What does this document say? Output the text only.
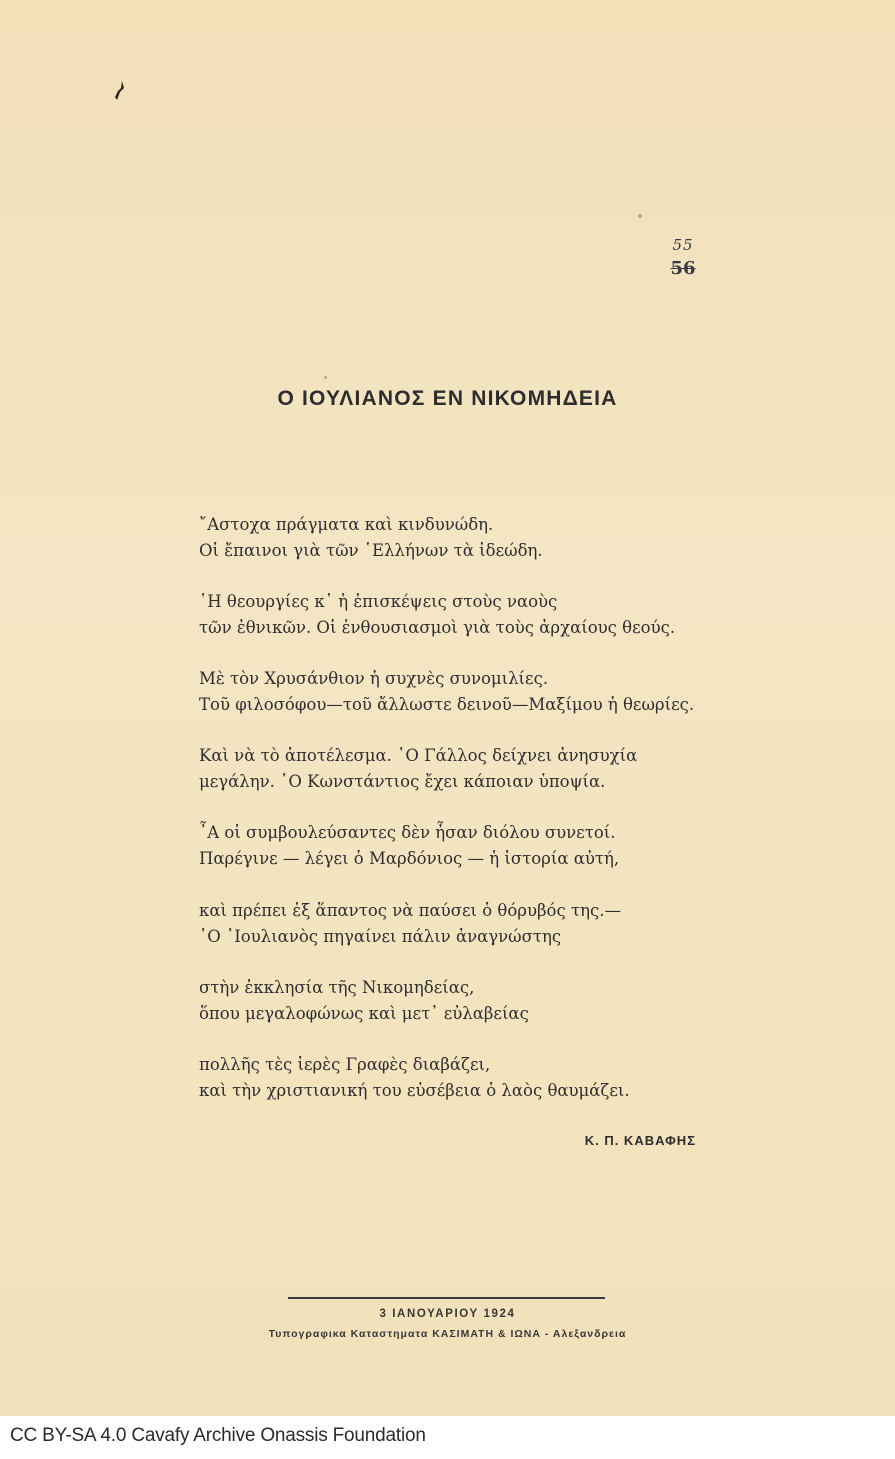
55
56
Ο ΙΟΥΛΙΑΝΟΣ ΕΝ ΝΙΚΟΜΗΔΕΙΑ
῎Αστοχα πράγματα καὶ κινδυνώδη.
Οἱ ἔπαινοι γιὰ τῶν ῾Ελλήνων τὰ ἰδεώδη.
῾Η θεουργίες κ᾽ ἡ ἐπισκέψεις στοὺς ναοὺς
τῶν ἐθνικῶν. Οἱ ἐνθουσιασμοὶ γιὰ τοὺς ἀρχαίους θεούς.
Μὲ τὸν Χρυσάνθιον ἡ συχνὲς συνομιλίες.
Τοῦ φιλοσόφου—τοῦ ἄλλωστε δεινοῦ—Μαξίμου ἡ θεωρίες.
Καὶ νὰ τὸ ἀποτέλεσμα. ῾Ο Γάλλος δείχνει ἀνησυχία
μεγάλην. ῾Ο Κωνστάντιος ἔχει κάποιαν ὑποψία.
῏Α οἱ συμβουλεύσαντες δὲν ἦσαν διόλου συνετοί.
Παρέγινε — λέγει ὁ Μαρδόνιος — ἡ ἱστορία αὐτή,
καὶ πρέπει ἐξ ἅπαντος νὰ παύσει ὁ θόρυβός της.—
῾Ο ᾽Ιουλιανὸς πηγαίνει πάλιν ἀναγνώστης
στὴν ἐκκλησία τῆς Νικομηδείας,
ὅπου μεγαλοφώνως καὶ μετ᾽ εὐλαβείας
πολλῆς τὲς ἱερὲς Γραφὲς διαβάζει,
καὶ τὴν χριστιανική του εὐσέβεια ὁ λαὸς θαυμάζει.
Κ. Π. ΚΑΒΑΦΗΣ
3 ΙΑΝΟΥΑΡΙΟΥ 1924
Τυπογραφικα Καταστηματα ΚΑΣΙΜΑΤΗ & ΙΩΝΑ - Αλεξανδρεια
CC BY-SA 4.0 Cavafy Archive Onassis Foundation
